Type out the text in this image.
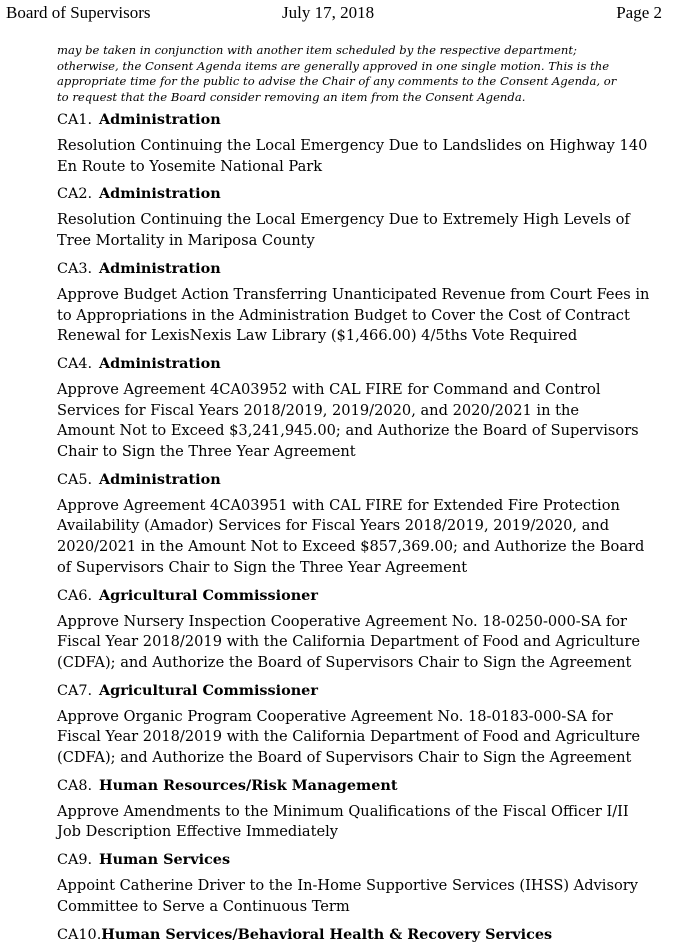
Board of Supervisors	July 17, 2018	Page 2
may be taken in conjunction with another item scheduled by the respective department;
otherwise, the Consent Agenda items are generally approved in one single motion. This is the
appropriate time for the public to advise the Chair of any comments to the Consent Agenda, or
to request that the Board consider removing an item from the Consent Agenda.
CA1. Administration
Resolution Continuing the Local Emergency Due to Landslides on Highway 140
En Route to Yosemite National Park
CA2. Administration
Resolution Continuing the Local Emergency Due to Extremely High Levels of
Tree Mortality in Mariposa County
CA3. Administration
Approve Budget Action Transferring Unanticipated Revenue from Court Fees in
to Appropriations in the Administration Budget to Cover the Cost of Contract
Renewal for LexisNexis Law Library ($1,466.00) 4/5ths Vote Required
CA4. Administration
Approve Agreement 4CA03952 with CAL FIRE for Command and Control
Services for Fiscal Years 2018/2019, 2019/2020, and 2020/2021 in the
Amount Not to Exceed $3,241,945.00; and Authorize the Board of Supervisors
Chair to Sign the Three Year Agreement
CA5. Administration
Approve Agreement 4CA03951 with CAL FIRE for Extended Fire Protection
Availability (Amador) Services for Fiscal Years 2018/2019, 2019/2020, and
2020/2021 in the Amount Not to Exceed $857,369.00; and Authorize the Board
of Supervisors Chair to Sign the Three Year Agreement
CA6. Agricultural Commissioner
Approve Nursery Inspection Cooperative Agreement No. 18-0250-000-SA for
Fiscal Year 2018/2019 with the California Department of Food and Agriculture
(CDFA); and Authorize the Board of Supervisors Chair to Sign the Agreement
CA7. Agricultural Commissioner
Approve Organic Program Cooperative Agreement No. 18-0183-000-SA for
Fiscal Year 2018/2019 with the California Department of Food and Agriculture
(CDFA); and Authorize the Board of Supervisors Chair to Sign the Agreement
CA8. Human Resources/Risk Management
Approve Amendments to the Minimum Qualifications of the Fiscal Officer I/II
Job Description Effective Immediately
CA9. Human Services
Appoint Catherine Driver to the In-Home Supportive Services (IHSS) Advisory
Committee to Serve a Continuous Term
CA10.Human Services/Behavioral Health & Recovery Services
